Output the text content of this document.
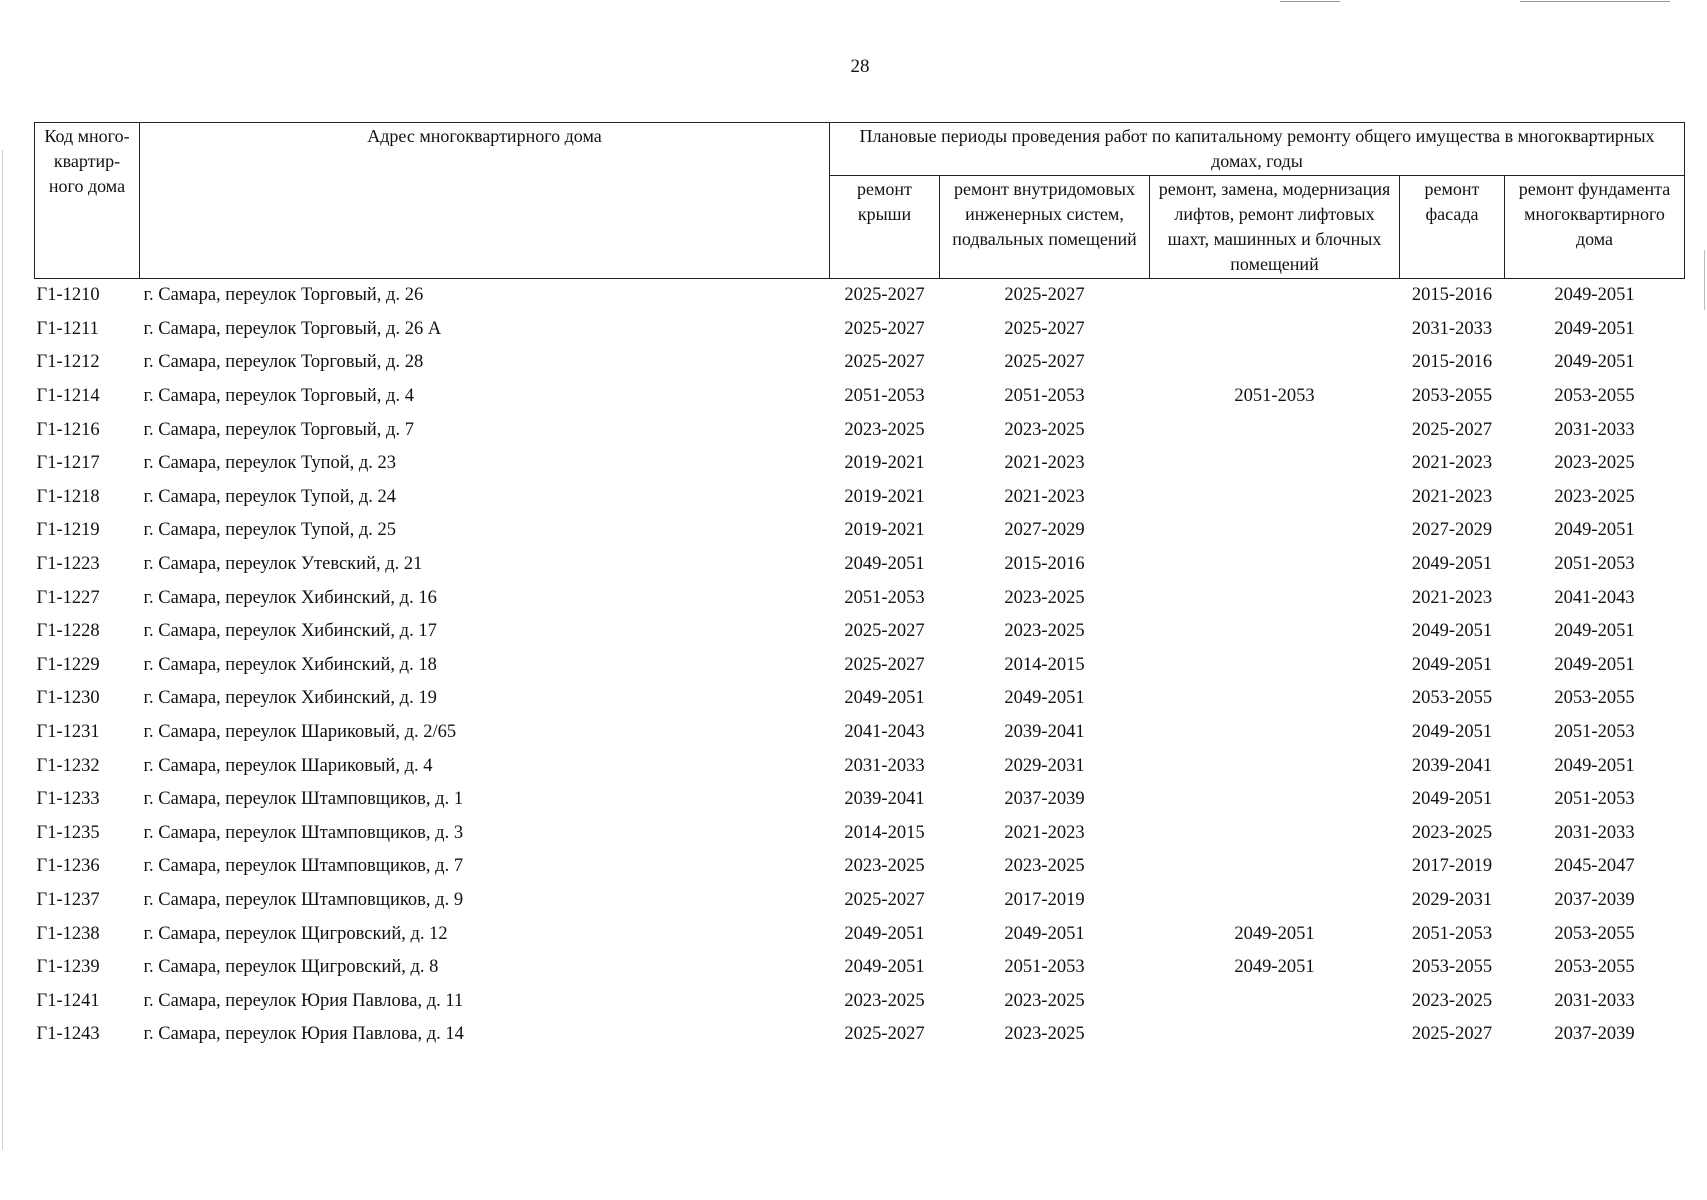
28
Код много-квартир-ного дома	Адрес многоквартирного дома	Плановые периоды проведения работ по капитальному ремонту общего имущества в многоквартирных домах, годы				
		ремонт крыши	ремонт внутридомовых инженерных систем, подвальных помещений	ремонт, замена, модернизация лифтов, ремонт лифтовых шахт, машинных и блочных помещений	ремонт фасада	ремонт фундамента многоквартирного дома
Г1-1210	г. Самара, переулок Торговый, д. 26	2025-2027	2025-2027		2015-2016	2049-2051
Г1-1211	г. Самара, переулок Торговый, д. 26 А	2025-2027	2025-2027		2031-2033	2049-2051
Г1-1212	г. Самара, переулок Торговый, д. 28	2025-2027	2025-2027		2015-2016	2049-2051
Г1-1214	г. Самара, переулок Торговый, д. 4	2051-2053	2051-2053	2051-2053	2053-2055	2053-2055
Г1-1216	г. Самара, переулок Торговый, д. 7	2023-2025	2023-2025		2025-2027	2031-2033
Г1-1217	г. Самара, переулок Тупой, д. 23	2019-2021	2021-2023		2021-2023	2023-2025
Г1-1218	г. Самара, переулок Тупой, д. 24	2019-2021	2021-2023		2021-2023	2023-2025
Г1-1219	г. Самара, переулок Тупой, д. 25	2019-2021	2027-2029		2027-2029	2049-2051
Г1-1223	г. Самара, переулок Утевский, д. 21	2049-2051	2015-2016		2049-2051	2051-2053
Г1-1227	г. Самара, переулок Хибинский, д. 16	2051-2053	2023-2025		2021-2023	2041-2043
Г1-1228	г. Самара, переулок Хибинский, д. 17	2025-2027	2023-2025		2049-2051	2049-2051
Г1-1229	г. Самара, переулок Хибинский, д. 18	2025-2027	2014-2015		2049-2051	2049-2051
Г1-1230	г. Самара, переулок Хибинский, д. 19	2049-2051	2049-2051		2053-2055	2053-2055
Г1-1231	г. Самара, переулок Шариковый, д. 2/65	2041-2043	2039-2041		2049-2051	2051-2053
Г1-1232	г. Самара, переулок Шариковый, д. 4	2031-2033	2029-2031		2039-2041	2049-2051
Г1-1233	г. Самара, переулок Штамповщиков, д. 1	2039-2041	2037-2039		2049-2051	2051-2053
Г1-1235	г. Самара, переулок Штамповщиков, д. 3	2014-2015	2021-2023		2023-2025	2031-2033
Г1-1236	г. Самара, переулок Штамповщиков, д. 7	2023-2025	2023-2025		2017-2019	2045-2047
Г1-1237	г. Самара, переулок Штамповщиков, д. 9	2025-2027	2017-2019		2029-2031	2037-2039
Г1-1238	г. Самара, переулок Щигровский, д. 12	2049-2051	2049-2051	2049-2051	2051-2053	2053-2055
Г1-1239	г. Самара, переулок Щигровский, д. 8	2049-2051	2051-2053	2049-2051	2053-2055	2053-2055
Г1-1241	г. Самара, переулок Юрия Павлова, д. 11	2023-2025	2023-2025		2023-2025	2031-2033
Г1-1243	г. Самара, переулок Юрия Павлова, д. 14	2025-2027	2023-2025		2025-2027	2037-2039
